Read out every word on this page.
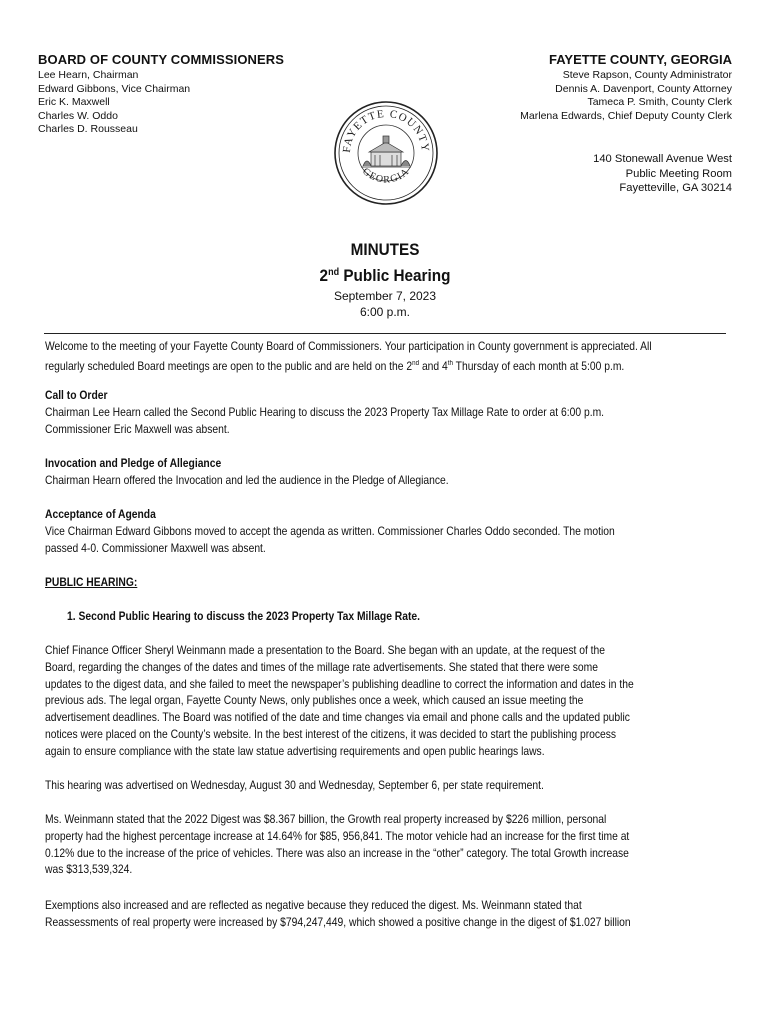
BOARD OF COUNTY COMMISSIONERS
Lee Hearn, Chairman
Edward Gibbons, Vice Chairman
Eric K. Maxwell
Charles W. Oddo
Charles D. Rousseau
FAYETTE COUNTY, GEORGIA
Steve Rapson, County Administrator
Dennis A. Davenport, County Attorney
Tameca P. Smith, County Clerk
Marlena Edwards, Chief Deputy County Clerk
140 Stonewall Avenue West
Public Meeting Room
Fayetteville, GA 30214
FAYETTE COUNTY
GEORGIA
MINUTES
2nd Public Hearing
September 7, 2023
6:00 p.m.
Welcome to the meeting of your Fayette County Board of Commissioners. Your participation in County government is appreciated. All
regularly scheduled Board meetings are open to the public and are held on the 2nd and 4th Thursday of each month at 5:00 p.m.
Call to Order
Chairman Lee Hearn called the Second Public Hearing to discuss the 2023 Property Tax Millage Rate to order at 6:00 p.m.
Commissioner Eric Maxwell was absent.
Invocation and Pledge of Allegiance
Chairman Hearn offered the Invocation and led the audience in the Pledge of Allegiance.
Acceptance of Agenda
Vice Chairman Edward Gibbons moved to accept the agenda as written. Commissioner Charles Oddo seconded. The motion
passed 4-0. Commissioner Maxwell was absent.
PUBLIC HEARING:
1. Second Public Hearing to discuss the 2023 Property Tax Millage Rate.
Chief Finance Officer Sheryl Weinmann made a presentation to the Board. She began with an update, at the request of the
Board, regarding the changes of the dates and times of the millage rate advertisements. She stated that there were some
updates to the digest data, and she failed to meet the newspaper’s publishing deadline to correct the information and dates in the
previous ads. The legal organ, Fayette County News, only publishes once a week, which caused an issue meeting the
advertisement deadlines. The Board was notified of the date and time changes via email and phone calls and the updated public
notices were placed on the County’s website. In the best interest of the citizens, it was decided to start the publishing process
again to ensure compliance with the state law statue advertising requirements and open public hearings laws.
This hearing was advertised on Wednesday, August 30 and Wednesday, September 6, per state requirement.
Ms. Weinmann stated that the 2022 Digest was $8.367 billion, the Growth real property increased by $226 million, personal
property had the highest percentage increase at 14.64% for $85, 956,841. The motor vehicle had an increase for the first time at
0.12% due to the increase of the price of vehicles. There was also an increase in the “other” category. The total Growth increase
was $313,539,324.
Exemptions also increased and are reflected as negative because they reduced the digest. Ms. Weinmann stated that
Reassessments of real property were increased by $794,247,449, which showed a positive change in the digest of $1.027 billion
